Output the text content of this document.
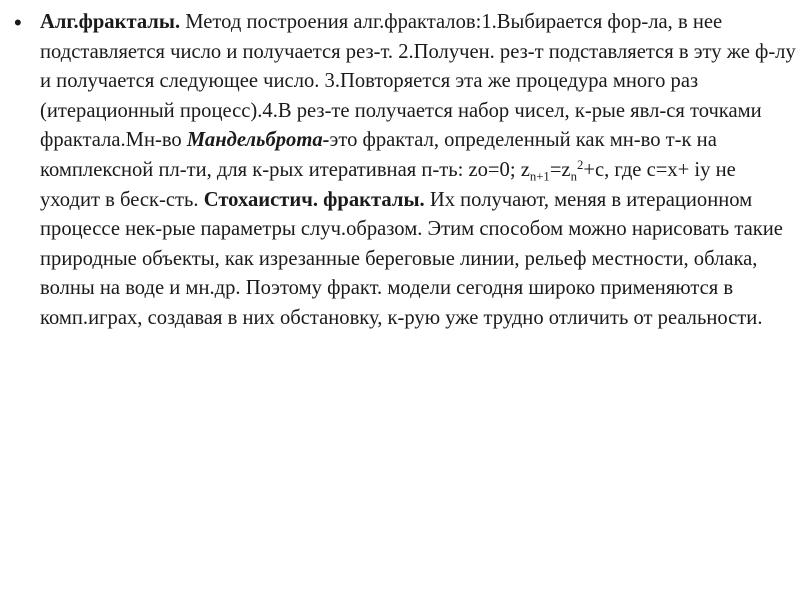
• Алг.фракталы. Метод построения алг.фракталов:1.Выбирается фор-ла, в нее подставляется число и получается рез-т. 2.Получен. рез-т подставляется в эту же ф-лу и получается следующее число. 3.Повторяется эта же процедура много раз (итерационный процесс).4.В рез-те получается набор чисел, к-рые явл-ся точками фрактала.Мн-во Мандельброта-это фрактал, определенный как мн-во т-к на комплексной пл-ти, для к-рых итеративная п-ть: zo=0; $z_{n+1}=z_n^2+c$, где с=х+ iy не уходит в беск-сть. Стохаистич. фракталы. Их получают, меняя в итерационном процессе нек-рые параметры случ.образом. Этим способом можно нарисовать такие природные объекты, как изрезанные береговые линии, рельеф местности, облака, волны на воде и мн.др. Поэтому фракт. модели сегодня широко применяются в комп.играх, создавая в них обстановку, к-рую уже трудно отличить от реальности.
